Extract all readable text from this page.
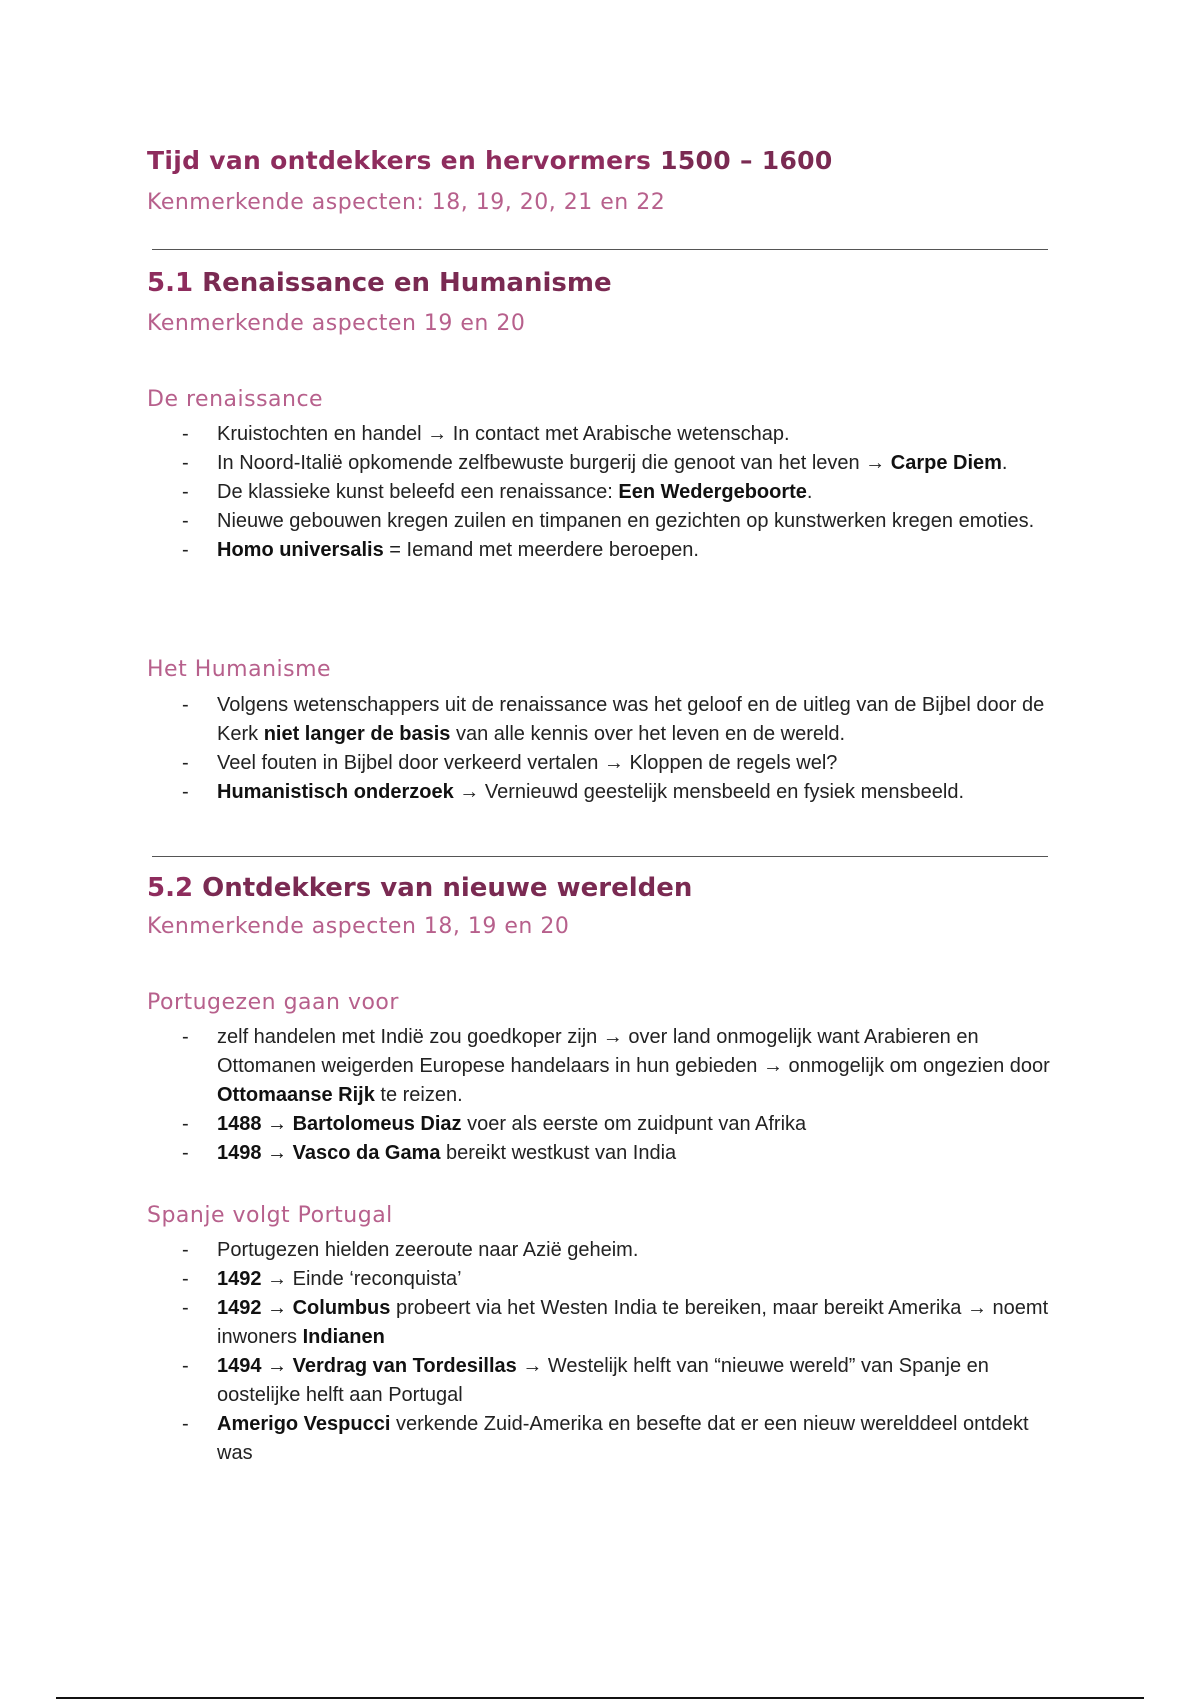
Tijd van ontdekkers en hervormers 1500 – 1600
Kenmerkende aspecten: 18, 19, 20, 21 en 22
5.1 Renaissance en Humanisme
Kenmerkende aspecten 19 en 20
De renaissance
- Kruistochten en handel → In contact met Arabische wetenschap.
- In Noord-Italië opkomende zelfbewuste burgerij die genoot van het leven → Carpe Diem.
- De klassieke kunst beleefd een renaissance: Een Wedergeboorte.
- Nieuwe gebouwen kregen zuilen en timpanen en gezichten op kunstwerken kregen emoties.
- Homo universalis = Iemand met meerdere beroepen.
Het Humanisme
- Volgens wetenschappers uit de renaissance was het geloof en de uitleg van de Bijbel door de Kerk niet langer de basis van alle kennis over het leven en de wereld.
- Veel fouten in Bijbel door verkeerd vertalen → Kloppen de regels wel?
- Humanistisch onderzoek → Vernieuwd geestelijk mensbeeld en fysiek mensbeeld.
5.2 Ontdekkers van nieuwe werelden
Kenmerkende aspecten 18, 19 en 20
Portugezen gaan voor
- zelf handelen met Indië zou goedkoper zijn → over land onmogelijk want Arabieren en Ottomanen weigerden Europese handelaars in hun gebieden → onmogelijk om ongezien door Ottomaanse Rijk te reizen.
- 1488 → Bartolomeus Diaz voer als eerste om zuidpunt van Afrika
- 1498 → Vasco da Gama bereikt westkust van India
Spanje volgt Portugal
- Portugezen hielden zeeroute naar Azië geheim.
- 1492 → Einde ‘reconquista’
- 1492 → Columbus probeert via het Westen India te bereiken, maar bereikt Amerika → noemt inwoners Indianen
- 1494 → Verdrag van Tordesillas → Westelijk helft van “nieuwe wereld” van Spanje en oostelijke helft aan Portugal
- Amerigo Vespucci verkende Zuid-Amerika en besefte dat er een nieuw werelddeel ontdekt was
